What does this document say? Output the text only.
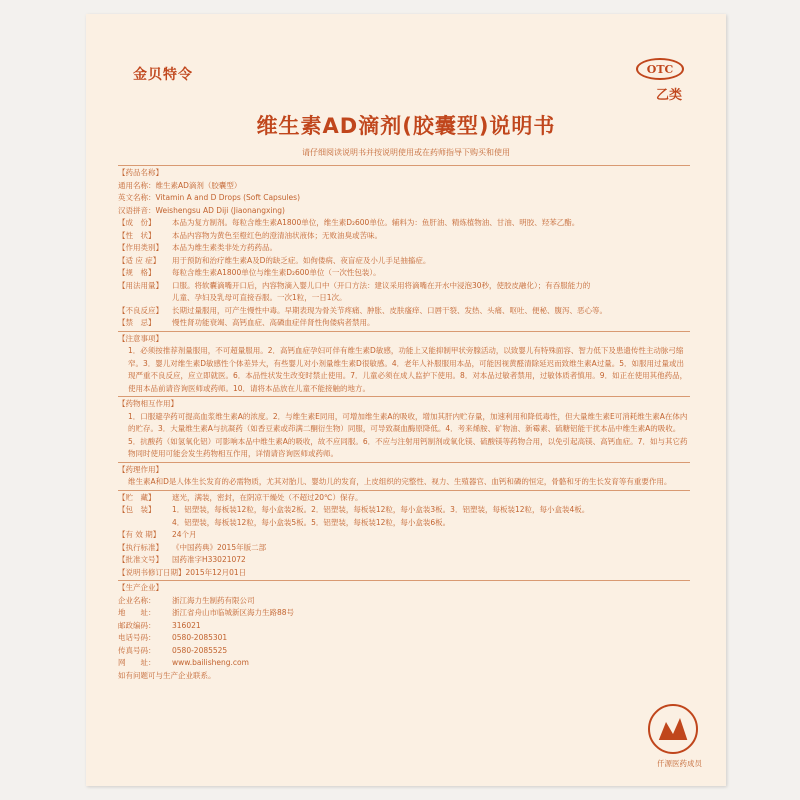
金贝特令	OTC
乙类
维生素AD滴剂(胶囊型)说明书
请仔细阅读说明书并按说明使用或在药师指导下购买和使用
【药品名称】
通用名称：维生素AD滴剂（胶囊型）
英文名称：Vitamin A and D Drops (Soft Capsules)
汉语拼音：Weishengsu AD Diji (Jiaonangxing)
【成　份】	本品为复方制剂。每粒含维生素A1800单位，维生素D₂600单位。辅料为：鱼肝油、精炼植物油、甘油、明胶、羟苯乙酯。
【性　状】	本品内容物为黄色至橙红色的澄清油状液体；无败油臭或苦味。
【作用类别】	本品为维生素类非处方药药品。
【适 应 症】	用于预防和治疗维生素A及D的缺乏症。如佝偻病、夜盲症及小儿手足抽搐症。
【规　格】	每粒含维生素A1800单位与维生素D₂600单位（一次性包装）。
【用法用量】	口服。将软囊滴嘴开口后，内容物滴入婴儿口中（开口方法：建议采用将滴嘴在开水中浸泡30秒，使胶皮融化）；有吞服能力的
儿童、孕妇及乳母可直接吞服。一次1粒，一日1次。
【不良反应】	长期过量服用，可产生慢性中毒。早期表现为骨关节疼痛、肿胀、皮肤瘙痒、口唇干裂、发热、头痛、呕吐、便秘、腹泻、恶心等。
【禁　忌】	慢性肾功能衰竭、高钙血症、高磷血症伴肾性佝偻病者禁用。
【注意事项】
1．必须按推荐剂量服用，不可超量服用。2．高钙血症孕妇可伴有维生素D敏感，功能上又能抑制甲状旁腺活动，以致婴儿有特殊面容、智力低下及患遗传性主动脉弓缩窄。3．婴儿对维生素D敏感性个体差异大，有些婴儿对小剂量维生素D很敏感。4．老年人补服服用本品，可能因视黄醛清除延迟而致维生素A过量。5．如服用过量或出现严重不良反应，应立即就医。6．本品性状发生改变时禁止使用。7．儿童必须在成人监护下使用。8．对本品过敏者禁用，过敏体质者慎用。9．如正在使用其他药品，使用本品前请咨询医师或药师。10．请将本品放在儿童不能接触的地方。
【药物相互作用】
1．口服避孕药可提高血浆维生素A的浓度。2．与维生素E同用，可增加维生素A的吸收，增加其肝内贮存量，加速利用和降低毒性，但大量维生素E可消耗维生素A在体内的贮存。3．大量维生素A与抗凝药（如香豆素或茚满二酮衍生物）同服，可导致凝血酶原降低。4．考来烯胺、矿物油、新霉素、硫糖铝能干扰本品中维生素A的吸收。5．抗酸药（如氢氧化铝）可影响本品中维生素A的吸收，故不应同服。6．不应与注射用钙制剂或氧化镁、硫酸镁等药物合用，以免引起高镁、高钙血症。7．如与其它药物同时使用可能会发生药物相互作用，详情请咨询医师或药师。
【药理作用】
维生素A和D是人体生长发育的必需物质，尤其对胎儿、婴幼儿的发育，上皮组织的完整性、视力、生殖器官、血钙和磷的恒定，骨骼和牙的生长发育等有重要作用。
【贮　藏】	遮光，满装，密封，在阴凉干燥处（不超过20℃）保存。
【包　装】	1．铝塑装，每板装12粒，每小盒装2板。2．铝塑装，每板装12粒，每小盒装3板。3．铝塑装，每板装12粒，每小盒装4板。
4．铝塑装，每板装12粒，每小盒装5板。5．铝塑装，每板装12粒，每小盒装6板。
【有 效 期】	24个月
【执行标准】	《中国药典》2015年版二部
【批准文号】	国药准字H33021072
【说明书修订日期】 2015年12月01日
【生产企业】
企业名称：	浙江海力生制药有限公司
地　　址：	浙江省舟山市临城新区海力生路88号
邮政编码：	316021
电话号码：	0580-2085301
传真号码：	0580-2085525
网　　址：	www.bailisheng.com
如有问题可与生产企业联系。
仟源医药成员
